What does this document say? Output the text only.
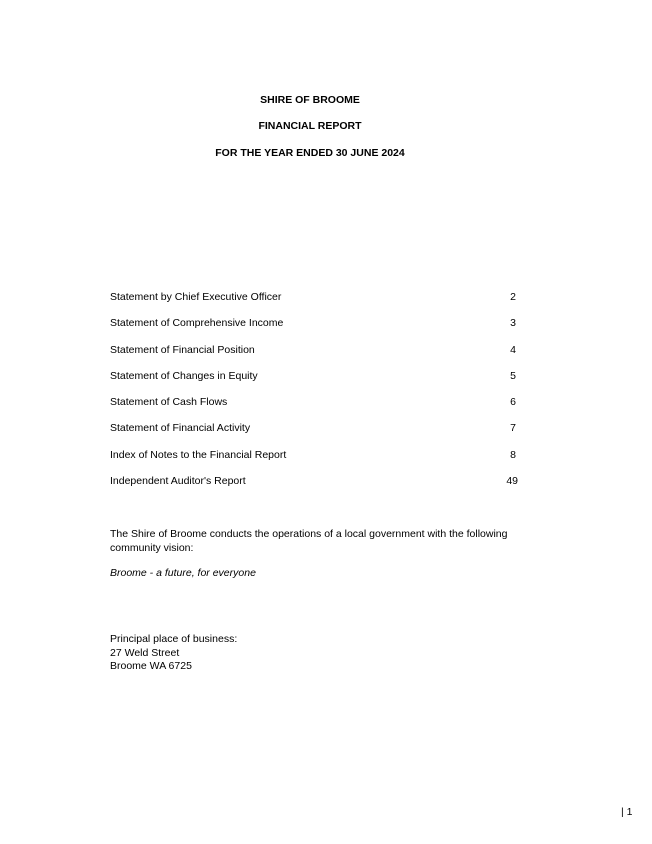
SHIRE OF BROOME
FINANCIAL REPORT
FOR THE YEAR ENDED 30 JUNE 2024
Statement by Chief Executive Officer	2
Statement of Comprehensive Income	3
Statement of Financial Position	4
Statement of Changes in Equity	5
Statement of Cash Flows	6
Statement of Financial Activity	7
Index of Notes to the Financial Report	8
Independent Auditor's Report	49
The Shire of Broome conducts the operations of a local government with the following community vision:
Broome - a future, for everyone
Principal place of business:
27 Weld Street
Broome WA 6725
| 1
